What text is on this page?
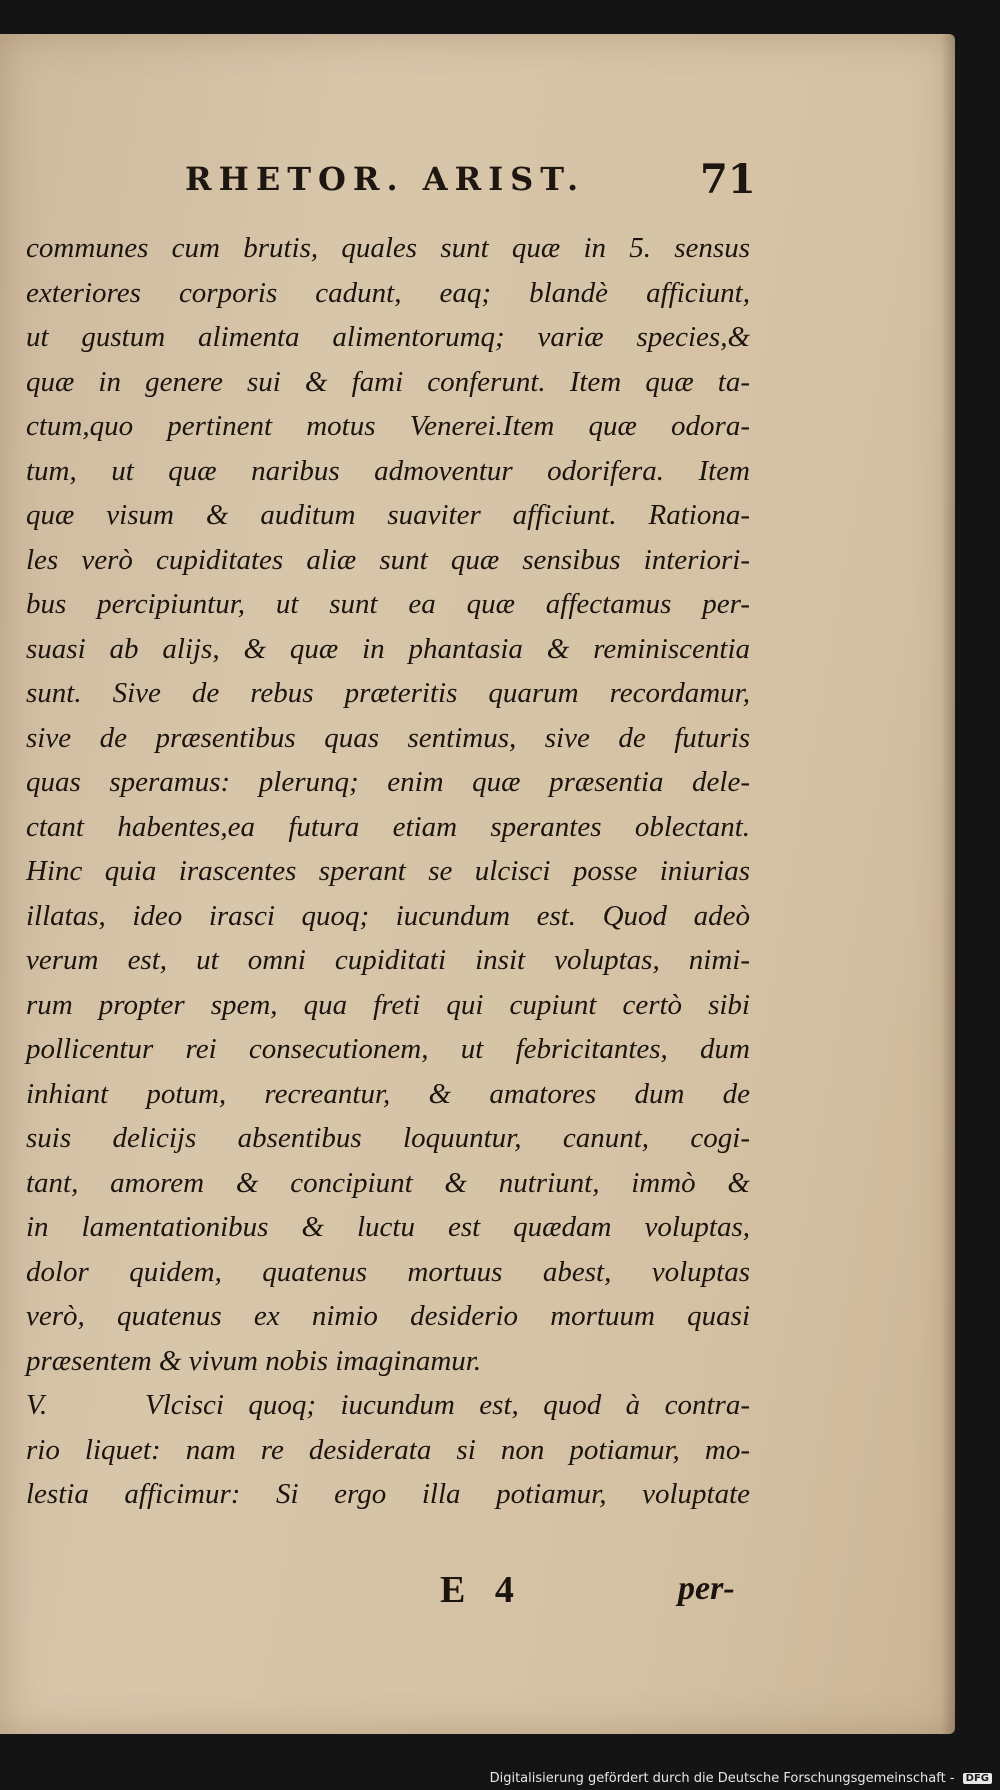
RHETOR. ARIST.	71
communes cum brutis, quales sunt quæ in 5. sensus
exteriores corporis cadunt, eaq; blandè afficiunt,
ut gustum alimenta alimentorumq; variæ species,&
quæ in genere sui & fami conferunt. Item quæ ta-
ctum,quo pertinent motus Venerei.Item quæ odora-
tum, ut quæ naribus admoventur odorifera. Item
quæ visum & auditum suaviter afficiunt. Rationa-
les verò cupiditates aliæ sunt quæ sensibus interiori-
bus percipiuntur, ut sunt ea quæ affectamus per-
suasi ab alijs, & quæ in phantasia & reminiscentia
sunt. Sive de rebus præteritis quarum recordamur,
sive de præsentibus quas sentimus, sive de futuris
quas speramus: plerunq; enim quæ præsentia dele-
ctant habentes,ea futura etiam sperantes oblectant.
Hinc quia irascentes sperant se ulcisci posse iniurias
illatas, ideo irasci quoq; iucundum est. Quod adeò
verum est, ut omni cupiditati insit voluptas, nimi-
rum propter spem, qua freti qui cupiunt certò sibi
pollicentur rei consecutionem, ut febricitantes, dum
inhiant potum, recreantur, & amatores dum de
suis delicijs absentibus loquuntur, canunt, cogi-
tant, amorem & concipiunt & nutriunt, immò &
in lamentationibus & luctu est quædam voluptas,
dolor quidem, quatenus mortuus abest, voluptas
verò, quatenus ex nimio desiderio mortuum quasi
præsentem & vivum nobis imaginamur.
V.    Vlcisci quoq; iucundum est, quod à contra-
rio liquet: nam re desiderata si non potiamur, mo-
lestia afficimur: Si ergo illa potiamur, voluptate
E 4	per-
Digitalisierung gefördert durch die Deutsche Forschungsgemeinschaft - DFG
